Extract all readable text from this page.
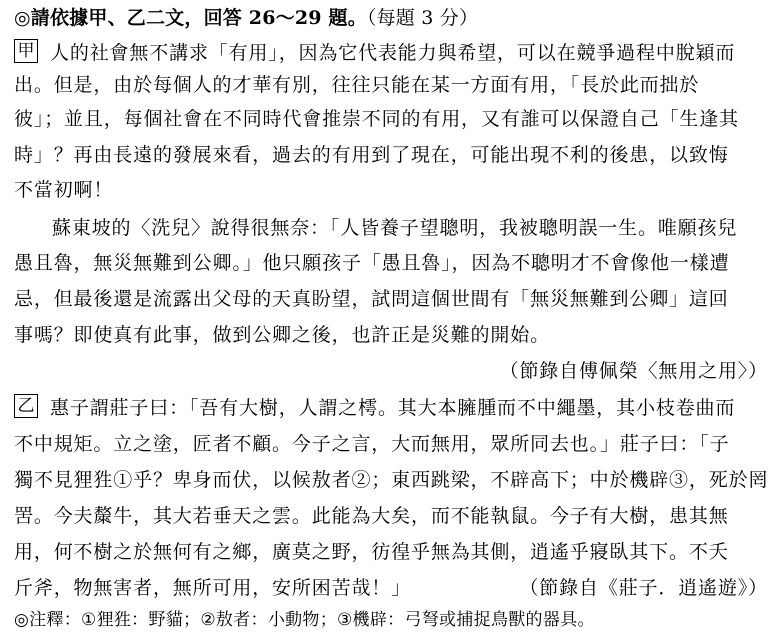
◎請依據甲、乙二文，回答 26～29 題。（每題 3 分）
甲 人的社會無不講求「有用」，因為它代表能力與希望，可以在競爭過程中脫穎而
出。但是，由於每個人的才華有別，往往只能在某一方面有用，「長於此而拙於
彼」；並且，每個社會在不同時代會推崇不同的有用，又有誰可以保證自己「生逢其
時」？再由長遠的發展來看，過去的有用到了現在，可能出現不利的後患，以致悔
不當初啊！
蘇東坡的〈洗兒〉說得很無奈：「人皆養子望聰明，我被聰明誤一生。唯願孩兒
愚且魯，無災無難到公卿。」他只願孩子「愚且魯」，因為不聰明才不會像他一樣遭
忌，但最後還是流露出父母的天真盼望，試問這個世間有「無災無難到公卿」這回
事嗎？即使真有此事，做到公卿之後，也許正是災難的開始。
（節錄自傅佩榮〈無用之用〉）
乙 惠子謂莊子曰：「吾有大樹，人謂之樗。其大本臃腫而不中繩墨，其小枝卷曲而
不中規矩。立之塗，匠者不顧。今子之言，大而無用，眾所同去也。」莊子曰：「子
獨不見狸狌①乎？卑身而伏，以候敖者②；東西跳梁，不辟高下；中於機辟③，死於罔
罟。今夫斄牛，其大若垂天之雲。此能為大矣，而不能執鼠。今子有大樹，患其無
用，何不樹之於無何有之鄉，廣莫之野，彷徨乎無為其側，逍遙乎寢臥其下。不夭
斤斧，物無害者，無所可用，安所困苦哉！」	（節錄自《莊子．逍遙遊》）
◎注釋：①狸狌：野貓；②敖者：小動物；③機辟：弓弩或捕捉鳥獸的器具。
